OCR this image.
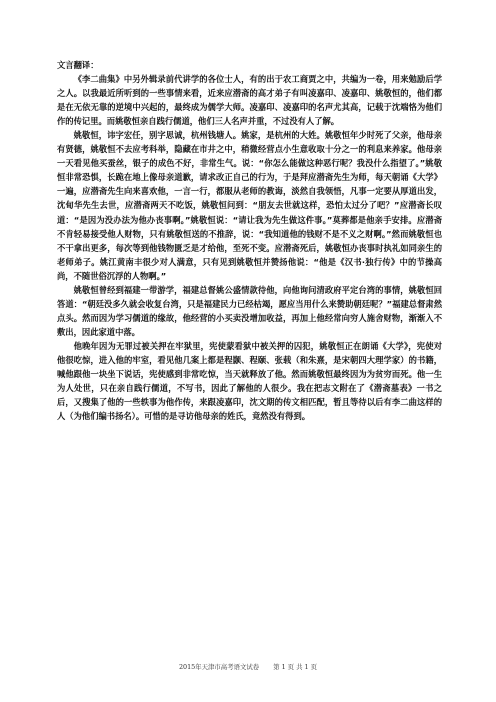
文言翻译：

《李二曲集》中另外辑录前代讲学的各位士人，有的出于农工商贾之中，共编为一卷，用来勉励后学之人。以我最近所听到的一些事情来看，近来应潜斋的高才弟子有叫凌嘉印、凌嘉印、姚敬恒的，他们都是在无依无靠的逆境中兴起的，最终成为儒学大师。凌嘉印、凌嘉印的名声尤其高，记载于沈端恪为他们作的传记里。而姚敬恒亲自践行儒道，他们三人名声并重，不过没有人了解。

姚敬恒，讳字宏任，别字思诚，杭州钱塘人。姚家，是杭州的大姓。姚敬恒年少时死了父亲，他母亲有贤德，姚敬恒不去应考科举，隐藏在市井之中，稍微经营点小生意收取十分之一的利息来养家。他母亲一天看见他买蚕丝，银子的成色不好，非常生气。说：“你怎么能做这种恶行呢？我没什么指望了。”姚敬恒非常恐惧，长跪在地上像母亲道歉，请求改正自己的行为，于是拜应潜斋先生为师，每天朝诵《大学》一遍，应潜斋先生向来喜欢他，一言一行，都服从老师的教诲，淡然自我领悟，凡事一定要从厚道出发，沈甸华先生去世，应潜斋两天不吃饭，姚敬恒问到：“朋友去世就这样，恐怕太过分了吧？”应潜斋长叹道：“是因为没办法为他办丧事啊。”姚敬恒说：“请让我为先生做这件事。”莫葬都是他亲手安排。应潜斋不肯轻易接受他人财物，只有姚敬恒送的不推辞，说：“我知道他的钱财不是不义之财啊。”然而姚敬恒也不干拿出更多，每次等到他钱物匮乏是才给他，至死不变。应潜斋死后，姚敬恒办丧事时执礼如同亲生的老师弟子。姚江黄南丰很少对人满意，只有见到姚敬恒并赞扬他说：“他是《汉书·独行传》中的节操高尚，不随世俗沉浮的人物啊。”

姚敬恒曾经到福建一带游学，福建总督姚公盛情款待他，向他询问清政府平定台湾的事情，姚敬恒回答道：“朝廷没多久就会收复台湾，只是福建民力已经枯竭，愿应当用什么来赞助朝廷呢？”福建总督肃然点头。然而因为学习儒道的缘故，他经营的小买卖没增加收益，再加上他经常向穷人施舍财物，渐渐入不敷出，因此家道中落。

他晚年因为无罪过被关押在牢狱里，宪使蒙看狱中被关押的囚犯，姚敬恒正在朗诵《大学》，宪使对他很吃惊，进入他的牢室，看见他几案上都是程颢、程颐、张载（和朱熹，是宋朝四大理学家）的书籍，喊他跟他一块坐下说话，宪使感到非常吃惊，当天就释放了他。然而姚敬恒最终因为为贫穷而死。他一生为人处世，只在亲自践行儒道，不写书，因此了解他的人很少。我在把志文附在了《潜斋墓表》一书之后，又搜集了他的一些轶事为他作传，来跟凌嘉印，沈文期的传文相匹配，暂且等待以后有李二曲这样的人（为他们编书扬名）。可惜的是寻访他母亲的姓氏，竟然没有得到。

2015年天津市高考语文试卷 第 1 页 共 1 页
